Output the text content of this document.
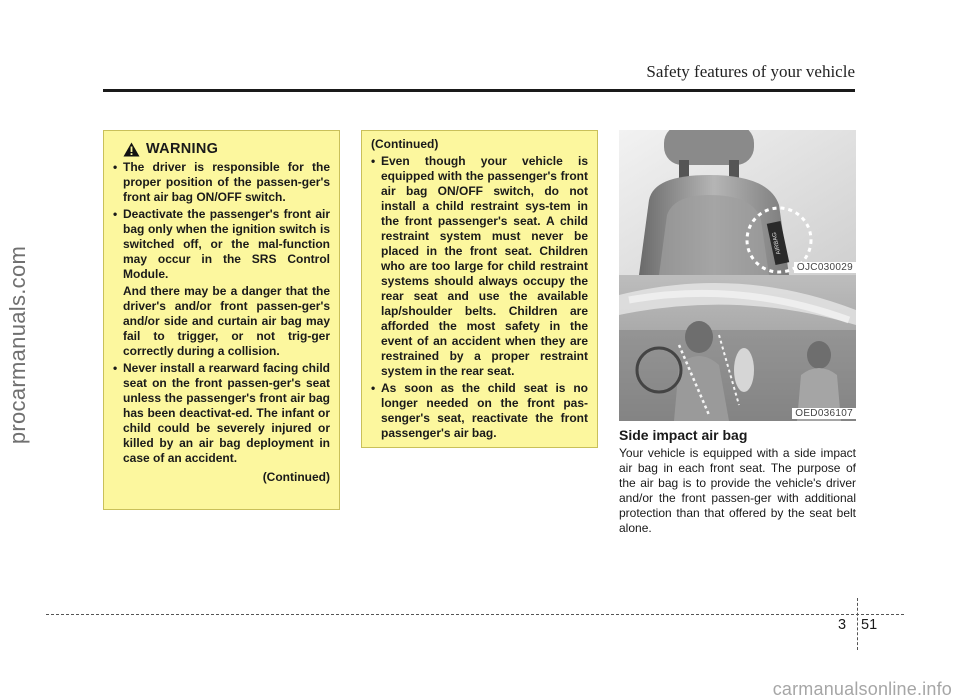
Safety features of your vehicle
procarmanuals.com
WARNING
• The driver is responsible for the proper position of the passen-ger's front air bag ON/OFF switch.
• Deactivate the passenger's front air bag only when the ignition switch is switched off, or the mal-function may occur in the SRS Control Module.
And there may be a danger that the driver's and/or front passen-ger's and/or side and curtain air bag may fail to trigger, or not trig-ger correctly during a collision.
• Never install a rearward facing child seat on the front passen-ger's seat unless the passenger's front air bag has been deactivat-ed. The infant or child could be severely injured or killed by an air bag deployment in case of an accident.
(Continued)
(Continued)
• Even though your vehicle is equipped with the passenger's front air bag ON/OFF switch, do not install a child restraint sys-tem in the front passenger's seat. A child restraint system must never be placed in the front seat. Children who are too large for child restraint systems should always occupy the rear seat and use the available lap/shoulder belts. Children are afforded the most safety in the event of an accident when they are restrained by a proper restraint system in the rear seat.
• As soon as the child seat is no longer needed on the front pas-senger's seat, reactivate the front passenger's air bag.
AIRBAG
OJC030029
OED036107
Side impact air bag
Your vehicle is equipped with a side impact air bag in each front seat. The purpose of the air bag is to provide the vehicle's driver and/or the front passen-ger with additional protection than that offered by the seat belt alone.
3 51
carmanualsonline.info
